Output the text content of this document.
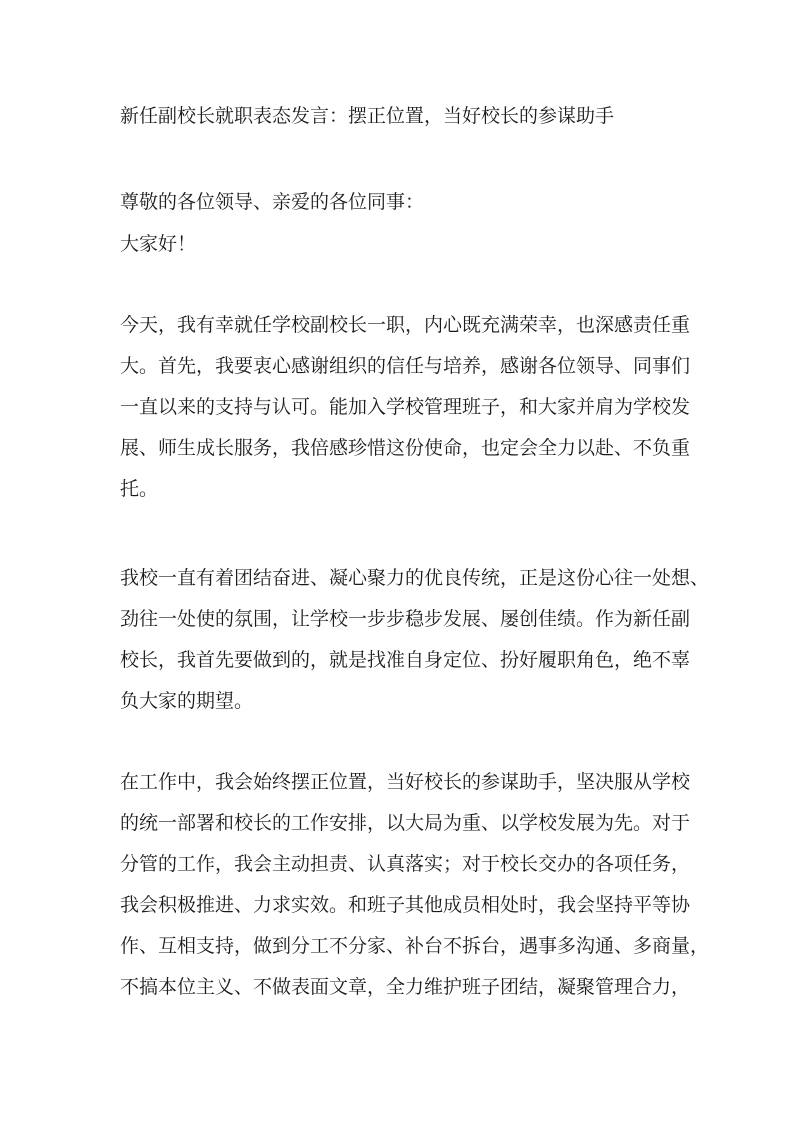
新任副校长就职表态发言：摆正位置，当好校长的参谋助手

尊敬的各位领导、亲爱的各位同事：

大家好！

今天，我有幸就任学校副校长一职，内心既充满荣幸，也深感责任重

大。首先，我要衷心感谢组织的信任与培养，感谢各位领导、同事们

一直以来的支持与认可。能加入学校管理班子，和大家并肩为学校发

展、师生成长服务，我倍感珍惜这份使命，也定会全力以赴、不负重

托。

我校一直有着团结奋进、凝心聚力的优良传统，正是这份心往一处想、

劲往一处使的氛围，让学校一步步稳步发展、屡创佳绩。作为新任副

校长，我首先要做到的，就是找准自身定位、扮好履职角色，绝不辜

负大家的期望。

在工作中，我会始终摆正位置，当好校长的参谋助手，坚决服从学校

的统一部署和校长的工作安排，以大局为重、以学校发展为先。对于

分管的工作，我会主动担责、认真落实；对于校长交办的各项任务，

我会积极推进、力求实效。和班子其他成员相处时，我会坚持平等协

作、互相支持，做到分工不分家、补台不拆台，遇事多沟通、多商量，

不搞本位主义、不做表面文章，全力维护班子团结，凝聚管理合力，
